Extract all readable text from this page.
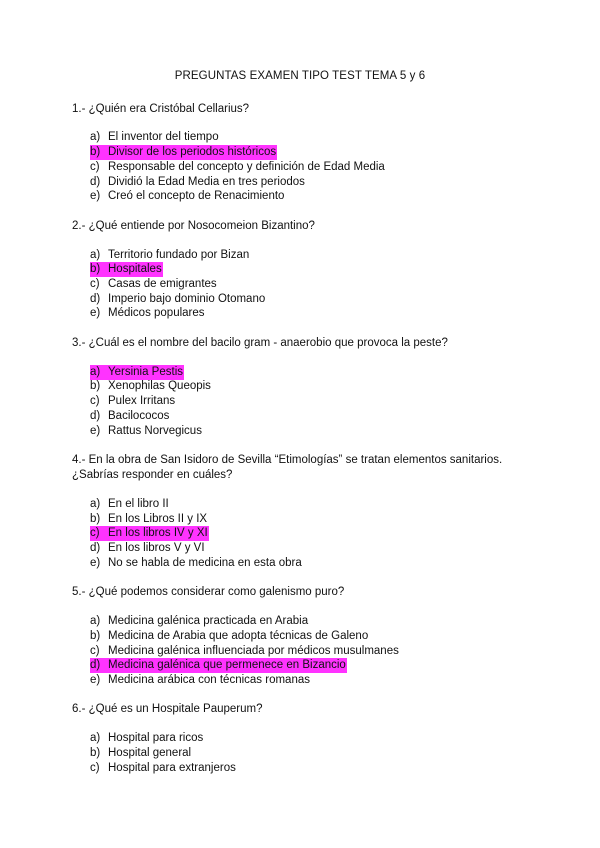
PREGUNTAS EXAMEN TIPO TEST TEMA 5 y 6
1.- ¿Quién era Cristóbal Cellarius?
a) El inventor del tiempo
b) Divisor de los periodos históricos
c) Responsable del concepto y definición de Edad Media
d) Dividió la Edad Media en tres periodos
e) Creó el concepto de Renacimiento
2.- ¿Qué entiende por Nosocomeion Bizantino?
a) Territorio fundado por Bizan
b) Hospitales
c) Casas de emigrantes
d) Imperio bajo dominio Otomano
e) Médicos populares
3.- ¿Cuál es el nombre del bacilo gram - anaerobio que provoca la peste?
a) Yersinia Pestis
b) Xenophilas Queopis
c) Pulex Irritans
d) Bacilococos
e) Rattus Norvegicus
4.- En la obra de San Isidoro de Sevilla “Etimologías” se tratan elementos sanitarios.
¿Sabrías responder en cuáles?
a) En el libro II
b) En los Libros II y IX
c) En los libros IV y XI
d) En los libros V y VI
e) No se habla de medicina en esta obra
5.- ¿Qué podemos considerar como galenismo puro?
a) Medicina galénica practicada en Arabia
b) Medicina de Arabia que adopta técnicas de Galeno
c) Medicina galénica influenciada por médicos musulmanes
d) Medicina galénica que permenece en Bizancio
e) Medicina arábica con técnicas romanas
6.- ¿Qué es un Hospitale Pauperum?
a) Hospital para ricos
b) Hospital general
c) Hospital para extranjeros
